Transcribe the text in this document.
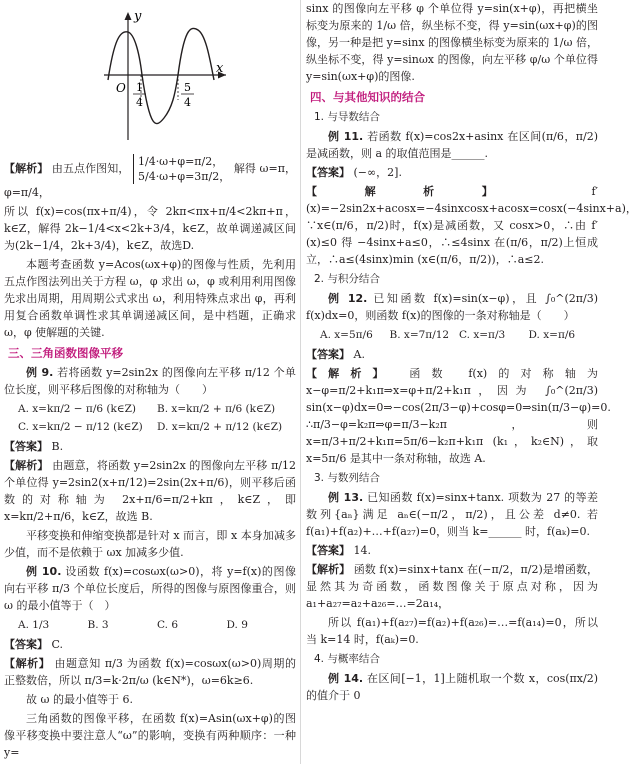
y
x
O 1
4
5
4
【解析】 由五点作图知， 1/4·ω+φ=π/2，
5/4·ω+φ=3π/2， 解得 ω=π，φ=π/4，
所以 f(x)=cos(πx+π/4)，令 2kπ<πx+π/4<2kπ+π，k∈Z，解得 2k−1/4<x<2k+3/4，k∈Z，故单调递减区间为(2k−1/4，2k+3/4)，k∈Z，故选D.
本题考查函数 y=Acos(ωx+φ)的图像与性质，先利用五点作图法列出关于方程 ω，φ 求出 ω，φ 或利用利用图像先求出周期，用周期公式求出 ω，利用特殊点求出 φ，再利用复合函数单调性求其单调递减区间，是中档题，正确求 ω，φ 使解题的关键.
三、三角函数图像平移
例 9. 若将函数 y=2sin2x 的图像向左平移 π/12 个单位长度，则平移后图像的对称轴为（　　）
A. x=kπ/2 − π/6 (k∈Z)	B. x=kπ/2 + π/6 (k∈Z)
C. x=kπ/2 − π/12 (k∈Z)	D. x=kπ/2 + π/12 (k∈Z)
【答案】 B.
【解析】 由题意，将函数 y=2sin2x 的图像向左平移 π/12 个单位得 y=2sin2(x+π/12)=2sin(2x+π/6)，则平移后函数的对称轴为 2x+π/6=π/2+kπ，k∈Z，即 x=kπ/2+π/6，k∈Z，故选 B.
平移变换和伸缩变换都是针对 x 而言，即 x 本身加减多少值，而不是依赖于 ωx 加减多少值.
例 10. 设函数 f(x)=cosωx(ω>0)，将 y=f(x)的图像向右平移 π/3 个单位长度后，所得的图像与原图像重合，则 ω 的最小值等于（　）
A. 1/3	B. 3	C. 6	D. 9
【答案】 C.
【解析】 由题意知 π/3 为函数 f(x)=cosωx(ω>0)周期的正整数倍，所以 π/3=k·2π/ω (k∈N*)，ω=6k≥6.
故 ω 的最小值等于 6.
三角函数的图像平移，在函数 f(x)=Asin(ωx+φ)的图像平移变换中要注意人“ω”的影响，变换有两种顺序：一种 y=
sinx 的图像向左平移 φ 个单位得 y=sin(x+φ)，再把横坐标变为原来的 1/ω 倍，纵坐标不变，得 y=sin(ωx+φ)的图像，另一种是把 y=sinx 的图像横坐标变为原来的 1/ω 倍，纵坐标不变，得 y=sinωx 的图像，向左平移 φ/ω 个单位得 y=sin(ωx+φ)的图像.
四、与其他知识的结合
1. 与导数结合
例 11. 若函数 f(x)=cos2x+asinx 在区间(π/6，π/2)是减函数，则 a 的取值范围是______.
【答案】 (−∞，2].
【解析】	f′(x)=−2sin2x+acosx=−4sinxcosx+acosx=cosx(−4sinx+a)，∵x∈(π/6，π/2)时，f(x)是减函数，又 cosx>0，∴由 f′(x)≤0 得 −4sinx+a≤0，∴≤4sinx 在(π/6，π/2)上恒成立，∴a≤(4sinx)min (x∈(π/6，π/2))，∴a≤2.
2. 与积分结合
例 12. 已知函数 f(x)=sin(x−φ)，且 ∫₀^(2π/3) f(x)dx=0，则函数 f(x)的图像的一条对称轴是（　　）
A. x=5π/6	B. x=7π/12 C. x=π/3	D. x=π/6
【答案】 A.
【解析】 函数 f(x)的对称轴为 x−φ=π/2+k₁π⇒x=φ+π/2+k₁π，因为 ∫₀^(2π/3) sin(x−φ)dx=0⇒−cos(2π/3−φ)+cosφ=0⇒sin(π/3−φ)=0. ∴π/3−φ=k₂π⇒φ=π/3−k₂π，则 x=π/3+π/2+k₁π=5π/6−k₂π+k₁π (k₁，k₂∈N)，取 x=5π/6 是其中一条对称轴，故选 A.
3. 与数列结合
例 13. 已知函数 f(x)=sinx+tanx. 项数为 27 的等差数列{aₙ}满足 aₙ∈(−π/2，π/2)，且公差 d≠0. 若 f(a₁)+f(a₂)+…+f(a₂₇)=0，则当 k=______ 时，f(aₖ)=0.
【答案】 14.
【解析】 函数 f(x)=sinx+tanx 在(−π/2，π/2)是增函数，显然其为奇函数，函数图像关于原点对称，因为 a₁+a₂₇=a₂+a₂₆=…=2a₁₄，
所以 f(a₁)+f(a₂₇)=f(a₂)+f(a₂₆)=…=f(a₁₄)=0，所以当 k=14 时，f(aₖ)=0.
4. 与概率结合
例 14. 在区间[−1，1]上随机取一个数 x，cos(πx/2) 的值介于 0
